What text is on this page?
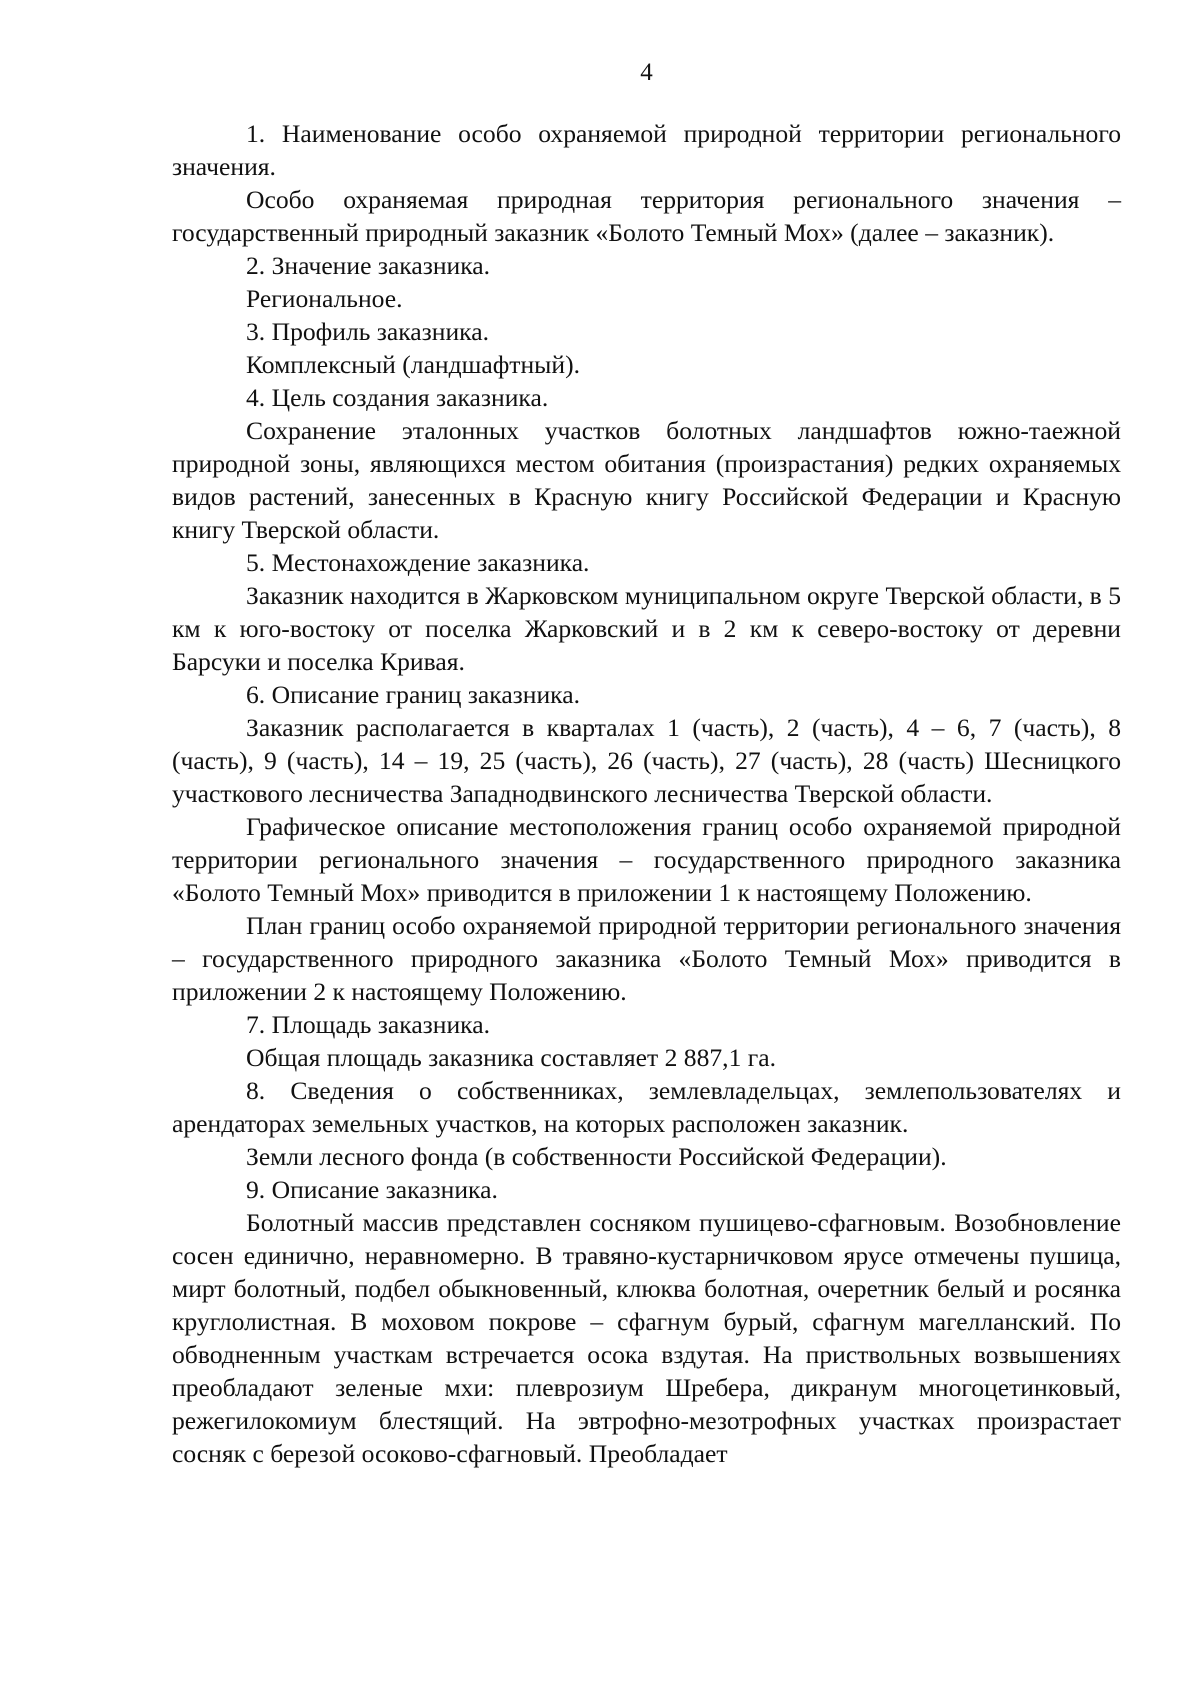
4

1. Наименование особо охраняемой природной территории регионального значения.

Особо охраняемая природная территория регионального значения – государственный природный заказник «Болото Темный Мох» (далее – заказник).

2. Значение заказника.

Региональное.

3. Профиль заказника.

Комплексный (ландшафтный).

4. Цель создания заказника.

Сохранение эталонных участков болотных ландшафтов южно-таежной природной зоны, являющихся местом обитания (произрастания) редких охраняемых видов растений, занесенных в Красную книгу Российской Федерации и Красную книгу Тверской области.

5. Местонахождение заказника.

Заказник находится в Жарковском муниципальном округе Тверской области, в 5 км к юго-востоку от поселка Жарковский и в 2 км к северо-востоку от деревни Барсуки и поселка Кривая.

6. Описание границ заказника.

Заказник располагается в кварталах 1 (часть), 2 (часть), 4 – 6, 7 (часть), 8 (часть), 9 (часть), 14 – 19, 25 (часть), 26 (часть), 27 (часть), 28 (часть) Шесницкого участкового лесничества Западнодвинского лесничества Тверской области.

Графическое описание местоположения границ особо охраняемой природной территории регионального значения – государственного природного заказника «Болото Темный Мох» приводится в приложении 1 к настоящему Положению.

План границ особо охраняемой природной территории регионального значения – государственного природного заказника «Болото Темный Мох» приводится в приложении 2 к настоящему Положению.

7. Площадь заказника.

Общая площадь заказника составляет 2 887,1 га.

8. Сведения о собственниках, землевладельцах, землепользователях и арендаторах земельных участков, на которых расположен заказник.

Земли лесного фонда (в собственности Российской Федерации).

9. Описание заказника.

Болотный массив представлен сосняком пушицево-сфагновым. Возобновление сосен единично, неравномерно. В травяно-кустарничковом ярусе отмечены пушица, мирт болотный, подбел обыкновенный, клюква болотная, очеретник белый и росянка круглолистная. В моховом покрове – сфагнум бурый, сфагнум магелланский. По обводненным участкам встречается осока вздутая. На приствольных возвышениях преобладают зеленые мхи: плеврозиум Шребера, дикранум многоцетинковый, режегилокомиум блестящий. На эвтрофно-мезотрофных участках произрастает сосняк с березой осоково-сфагновый. Преобладает
